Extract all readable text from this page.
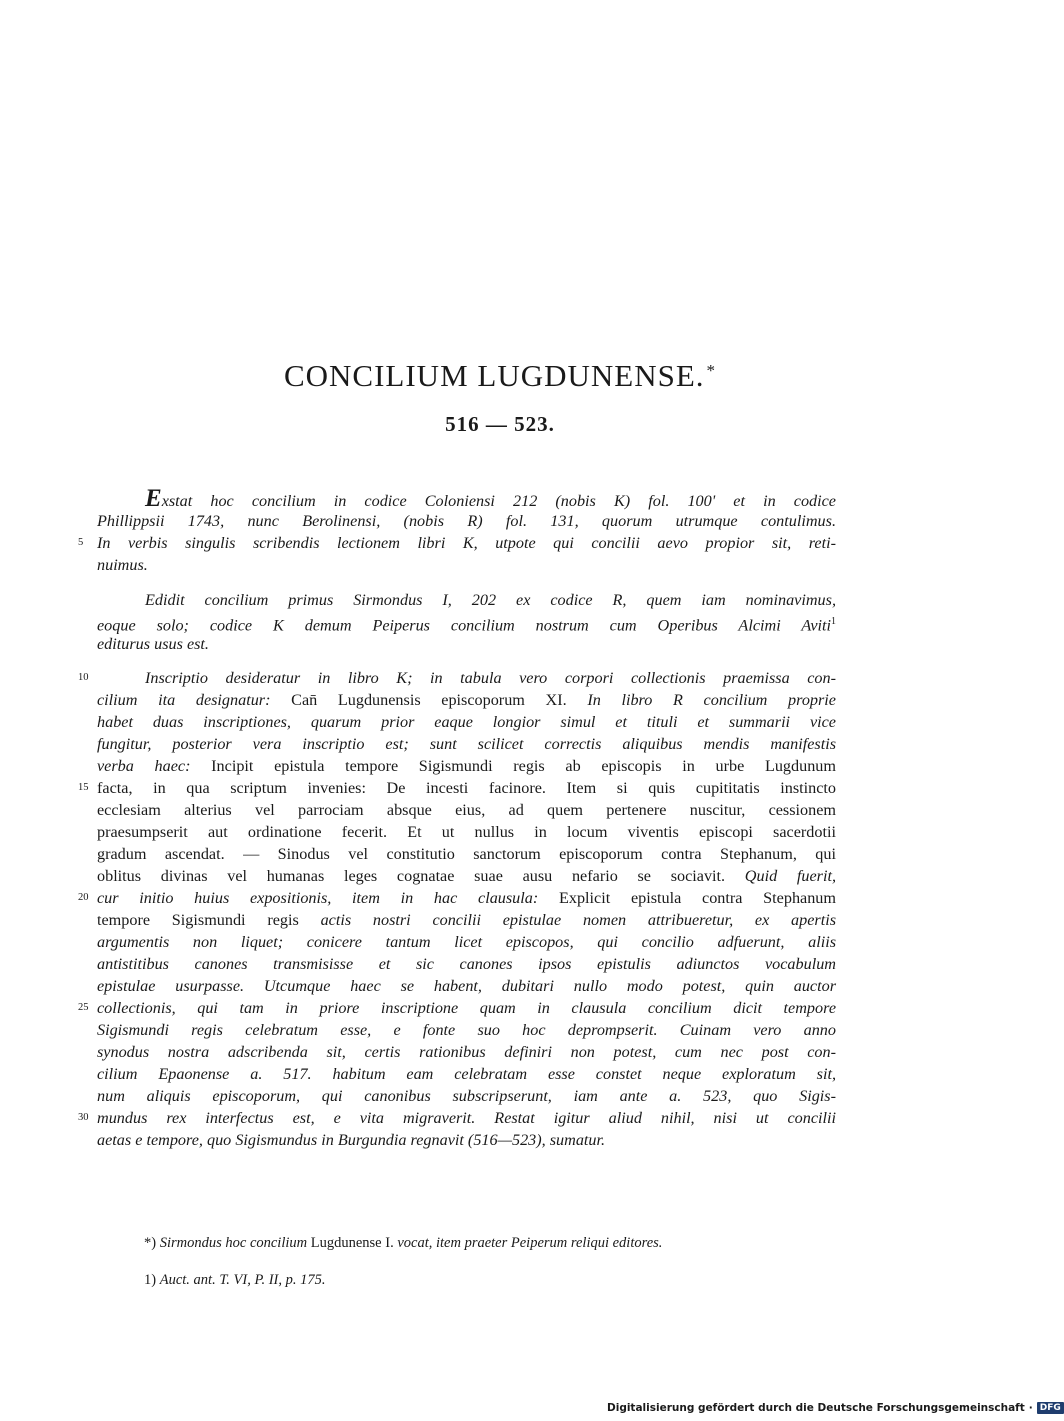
CONCILIUM LUGDUNENSE. *
516 — 523.
Exstat hoc concilium in codice Coloniensi 212 (nobis K) fol. 100' et in codice
Phillippsii 1743, nunc Berolinensi, (nobis R) fol. 131, quorum utrumque contulimus.
5 In verbis singulis scribendis lectionem libri K, utpote qui concilii aevo propior sit, reti-
nuimus.
Edidit concilium primus Sirmondus I, 202 ex codice R, quem iam nominavimus,
eoque solo; codice K demum Peiperus concilium nostrum cum Operibus Alcimi Aviti$^1$
editurus usus est.
10	Inscriptio desideratur in libro K; in tabula vero corpori collectionis praemissa con-
cilium ita designatur: Can̄ Lugdunensis episcoporum XI. In libro R concilium proprie
habet duas inscriptiones, quarum prior eaque longior simul et tituli et summarii vice
fungitur, posterior vera inscriptio est; sunt scilicet correctis aliquibus mendis manifestis
verba haec: Incipit epistula tempore Sigismundi regis ab episcopis in urbe Lugdunum
15 facta, in qua scriptum invenies: De incesti facinore. Item si quis cupititatis instincto
ecclesiam alterius vel parrociam absque eius, ad quem pertenere nuscitur, cessionem
praesumpserit aut ordinatione fecerit. Et ut nullus in locum viventis episcopi sacerdotii
gradum ascendat. — Sinodus vel constitutio sanctorum episcoporum contra Stephanum, qui
oblitus divinas vel humanas leges cognatae suae ausu nefario se sociavit. Quid fuerit,
20 cur initio huius expositionis, item in hac clausula: Explicit epistula contra Stephanum
tempore Sigismundi regis actis nostri concilii epistulae nomen attribueretur, ex apertis
argumentis non liquet; conicere tantum licet episcopos, qui concilio adfuerunt, aliis
antistitibus canones transmisisse et sic canones ipsos epistulis adiunctos vocabulum
epistulae usurpasse. Utcumque haec se habent, dubitari nullo modo potest, quin auctor
25 collectionis, qui tam in priore inscriptione quam in clausula concilium dicit tempore
Sigismundi regis celebratum esse, e fonte suo hoc deprompserit. Cuinam vero anno
synodus nostra adscribenda sit, certis rationibus definiri non potest, cum nec post con-
cilium Epaonense a. 517. habitum eam celebratam esse constet neque exploratum sit,
num aliquis episcoporum, qui canonibus subscripserunt, iam ante a. 523, quo Sigis-
30 mundus rex interfectus est, e vita migraverit. Restat igitur aliud nihil, nisi ut concilii
aetas e tempore, quo Sigismundus in Burgundia regnavit (516—523), sumatur.
*) Sirmondus hoc concilium Lugdunense I. vocat, item praeter Peiperum reliqui editores.
1) Auct. ant. T. VI, P. II, p. 175.
Digitalisierung gefördert durch die Deutsche Forschungsgemeinschaft · DFG
